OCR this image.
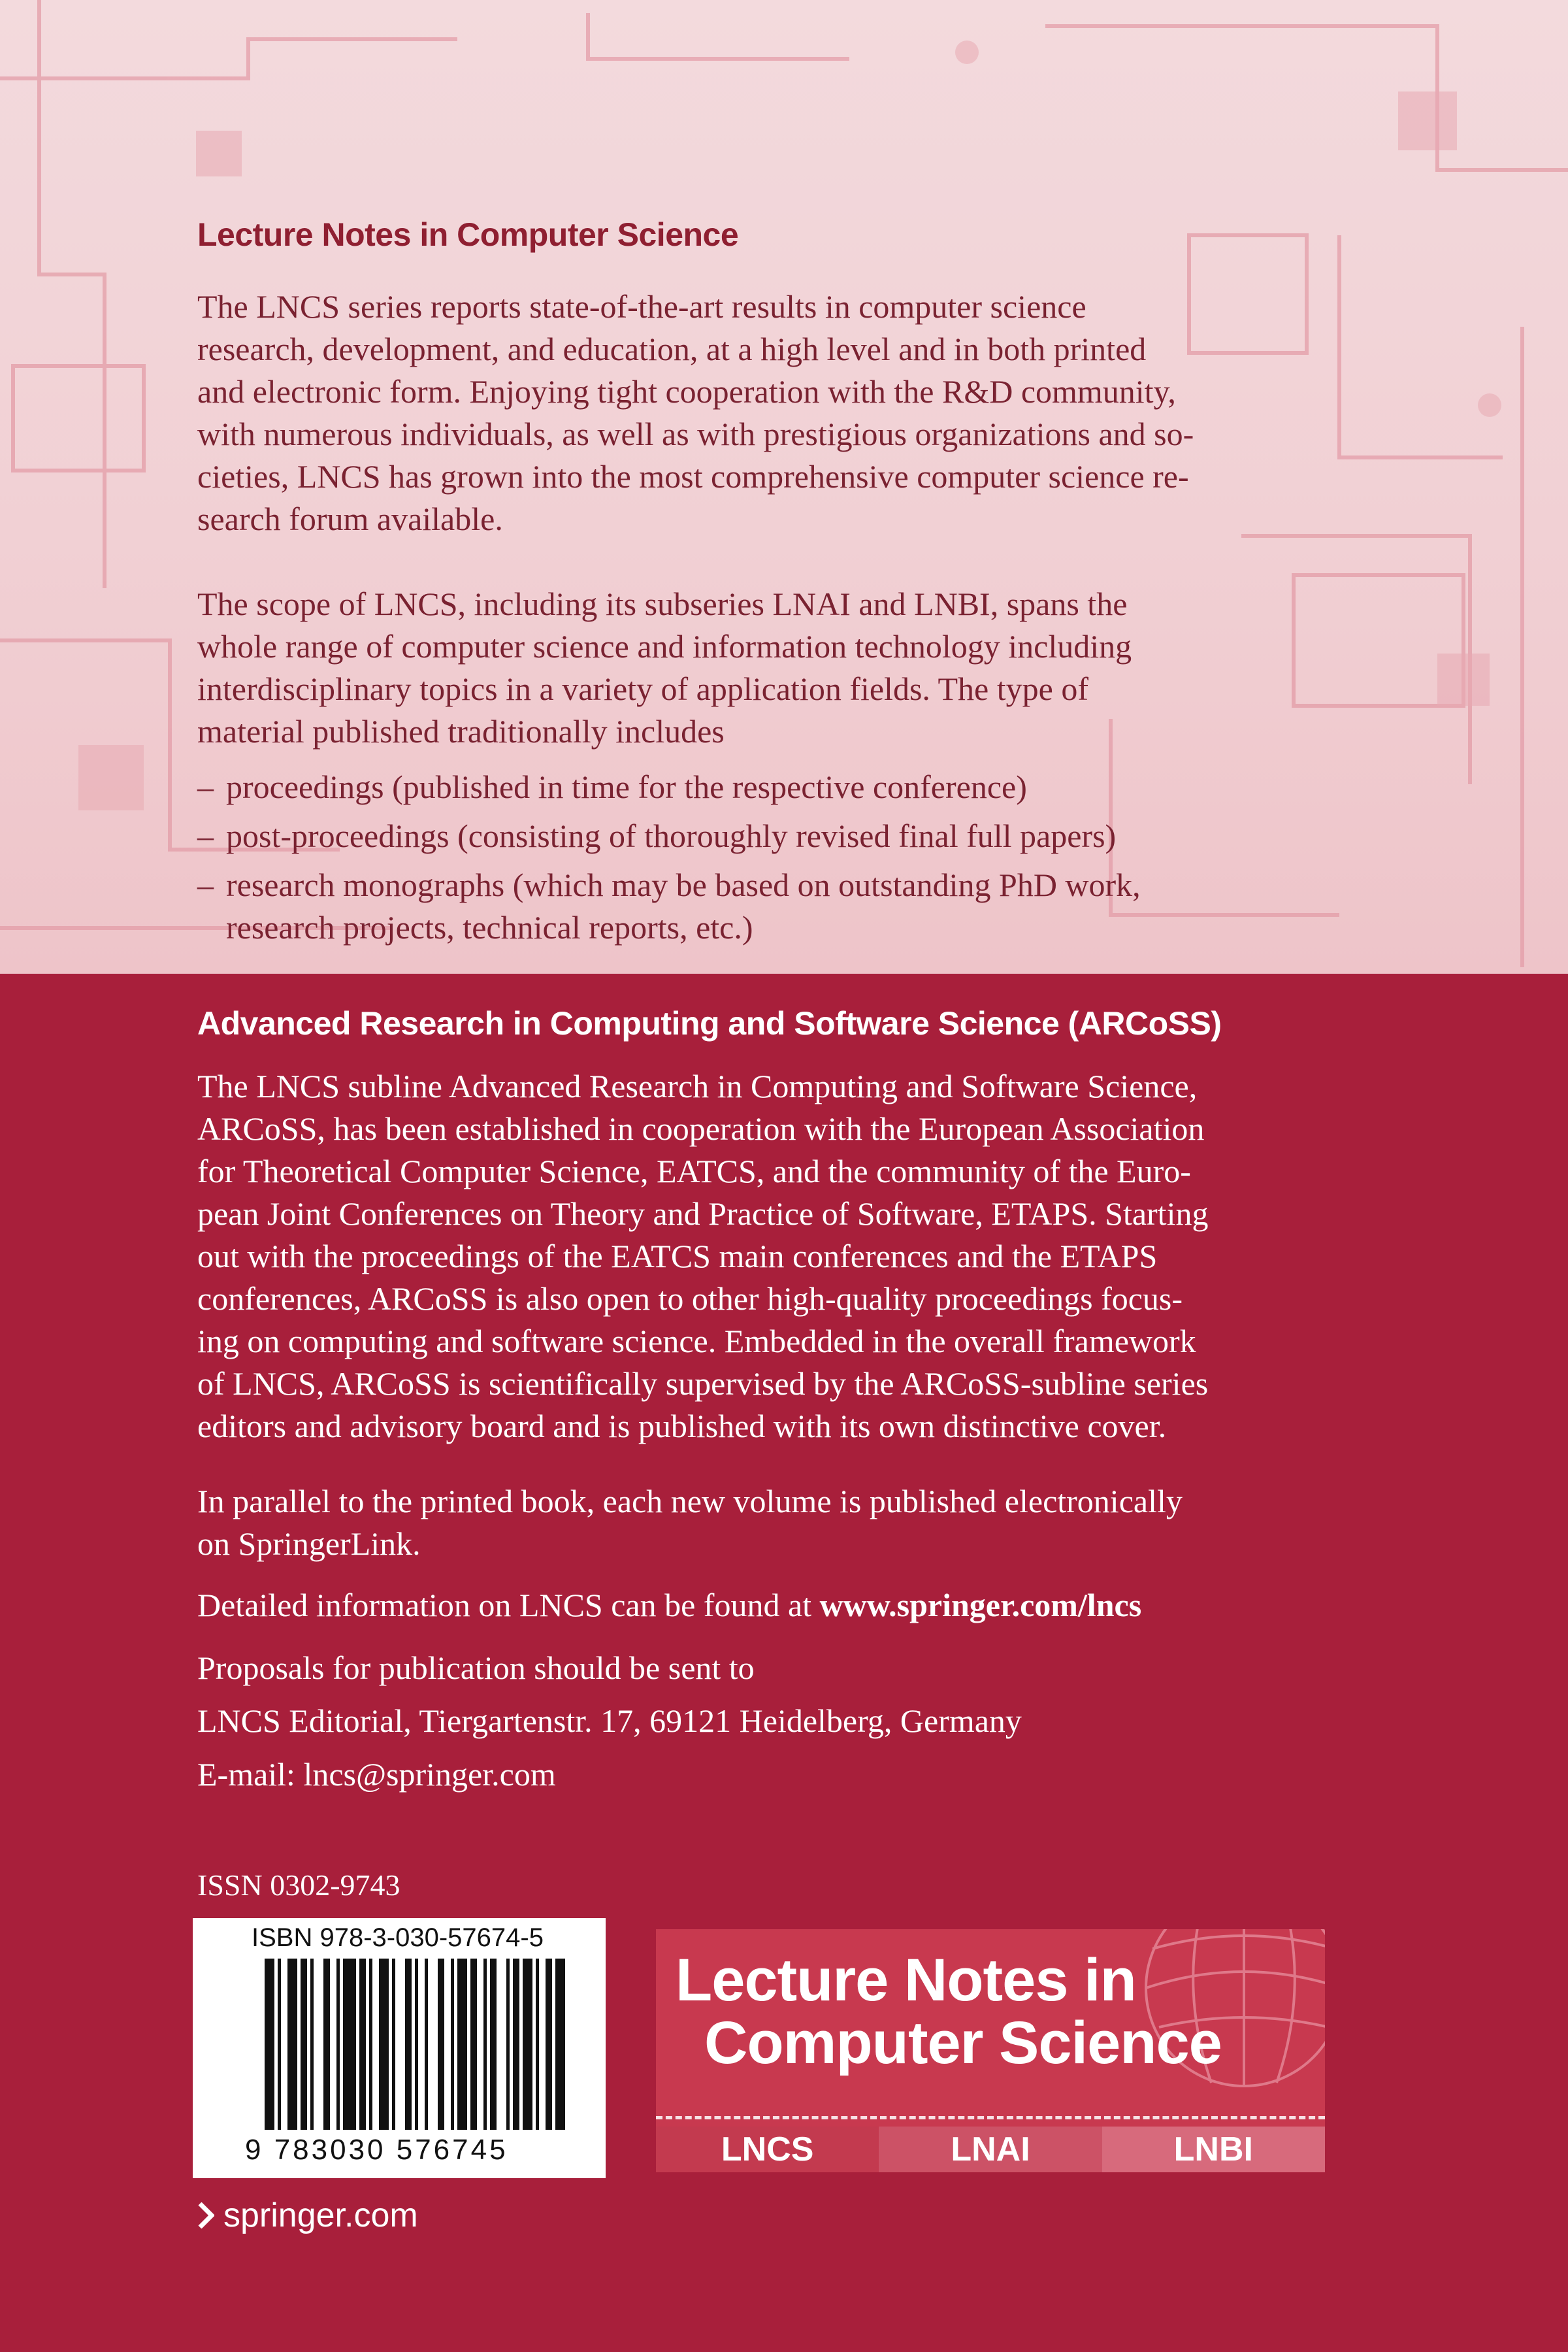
Lecture Notes in Computer Science
The LNCS series reports state-of-the-art results in computer science
research, development, and education, at a high level and in both printed
and electronic form. Enjoying tight cooperation with the R&D community,
with numerous individuals, as well as with prestigious organizations and so-
cieties, LNCS has grown into the most comprehensive computer science re-
search forum available.
The scope of LNCS, including its subseries LNAI and LNBI, spans the
whole range of computer science and information technology including
interdisciplinary topics in a variety of application fields. The type of
material published traditionally includes
– proceedings (published in time for the respective conference)
– post-proceedings (consisting of thoroughly revised final full papers)
– research monographs (which may be based on outstanding PhD work,
research projects, technical reports, etc.)
Advanced Research in Computing and Software Science (ARCoSS)
The LNCS subline Advanced Research in Computing and Software Science,
ARCoSS, has been established in cooperation with the European Association
for Theoretical Computer Science, EATCS, and the community of the Euro-
pean Joint Conferences on Theory and Practice of Software, ETAPS. Starting
out with the proceedings of the EATCS main conferences and the ETAPS
conferences, ARCoSS is also open to other high-quality proceedings focus-
ing on computing and software science. Embedded in the overall framework
of LNCS, ARCoSS is scientifically supervised by the ARCoSS-subline series
editors and advisory board and is published with its own distinctive cover.
In parallel to the printed book, each new volume is published electronically
on SpringerLink.

Detailed information on LNCS can be found at www.springer.com/lncs

Proposals for publication should be sent to

LNCS Editorial, Tiergartenstr. 17, 69121 Heidelberg, Germany

E-mail: lncs@springer.com

ISSN 0302-9743

ISBN 978-3-030-57674-5

9 783030 576745

Lecture Notes in
Computer Science
LNCS	LNAI	LNBI

springer.com
